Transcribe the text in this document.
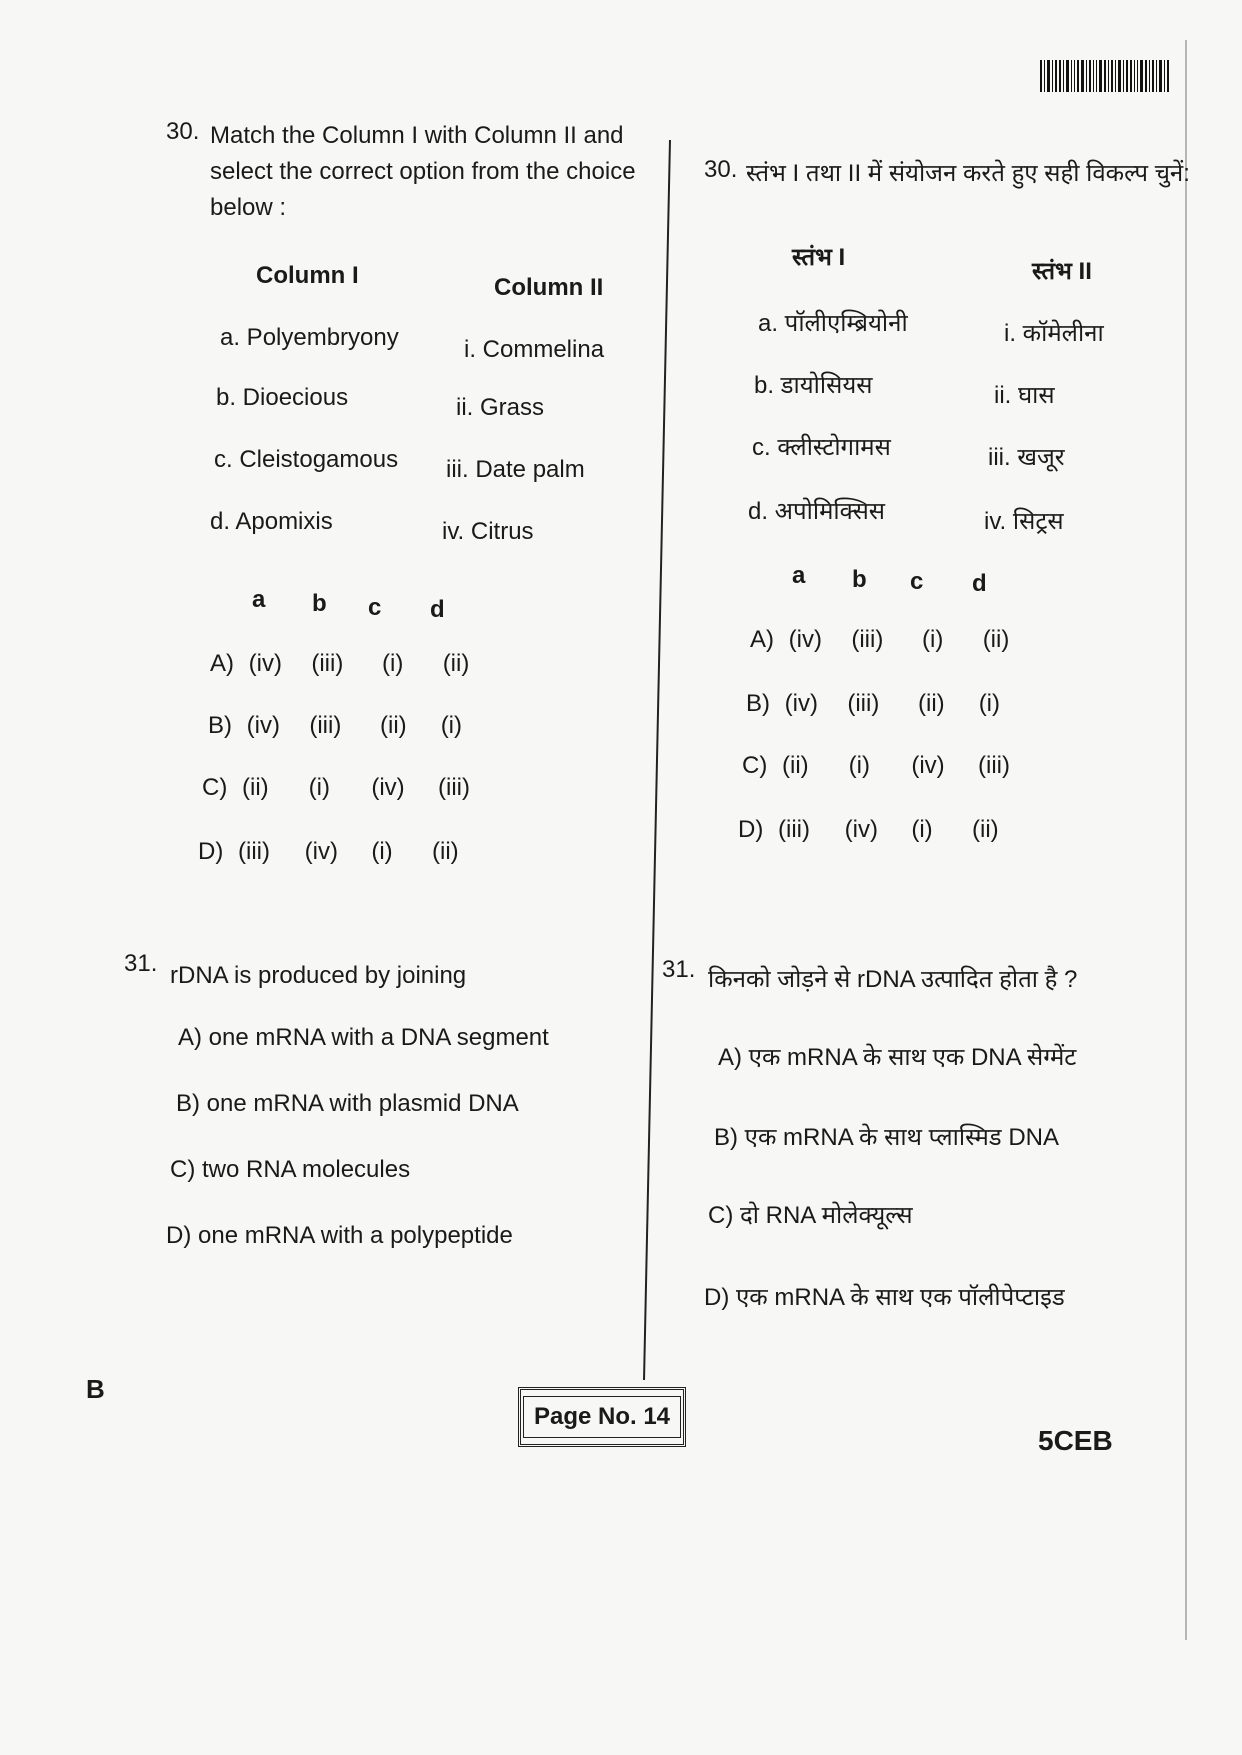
30. Match the Column I with Column II and select the correct option from the choice below :
Column I	Column II
a. Polyembryony
b. Dioecious
c. Cleistogamous
d. Apomixis
i. Commelina
ii. Grass
iii. Date palm
iv. Citrus
a b c d
A) (iv) (iii) (i) (ii)
B) (iv) (iii) (ii) (i)
C) (ii) (i) (iv) (iii)
D) (iii) (iv) (i) (ii)
31. rDNA is produced by joining
A) one mRNA with a DNA segment
B) one mRNA with plasmid DNA
C) two RNA molecules
D) one mRNA with a polypeptide
30. स्तंभ I तथा II में संयोजन करते हुए सही विकल्प चुनें:
स्तंभ I
स्तंभ II
a. पॉलीएम्ब्रियोनी
b. डायोसियस
c. क्लीस्टोगामस
d. अपोमिक्सिस
i. कॉमेलीना
ii. घास
iii. खजूर
iv. सिट्रस
a b c d
A) (iv) (iii) (i) (ii)
B) (iv) (iii) (ii) (i)
C) (ii) (i) (iv) (iii)
D) (iii) (iv) (i) (ii)
31. किनको जोड़ने से rDNA उत्पादित होता है ?
A) एक mRNA के साथ एक DNA सेग्मेंट
B) एक mRNA के साथ प्लास्मिड DNA
C) दो RNA मोलेक्यूल्स
D) एक mRNA के साथ एक पॉलीपेप्टाइड
B
Page No. 14
5CEB
